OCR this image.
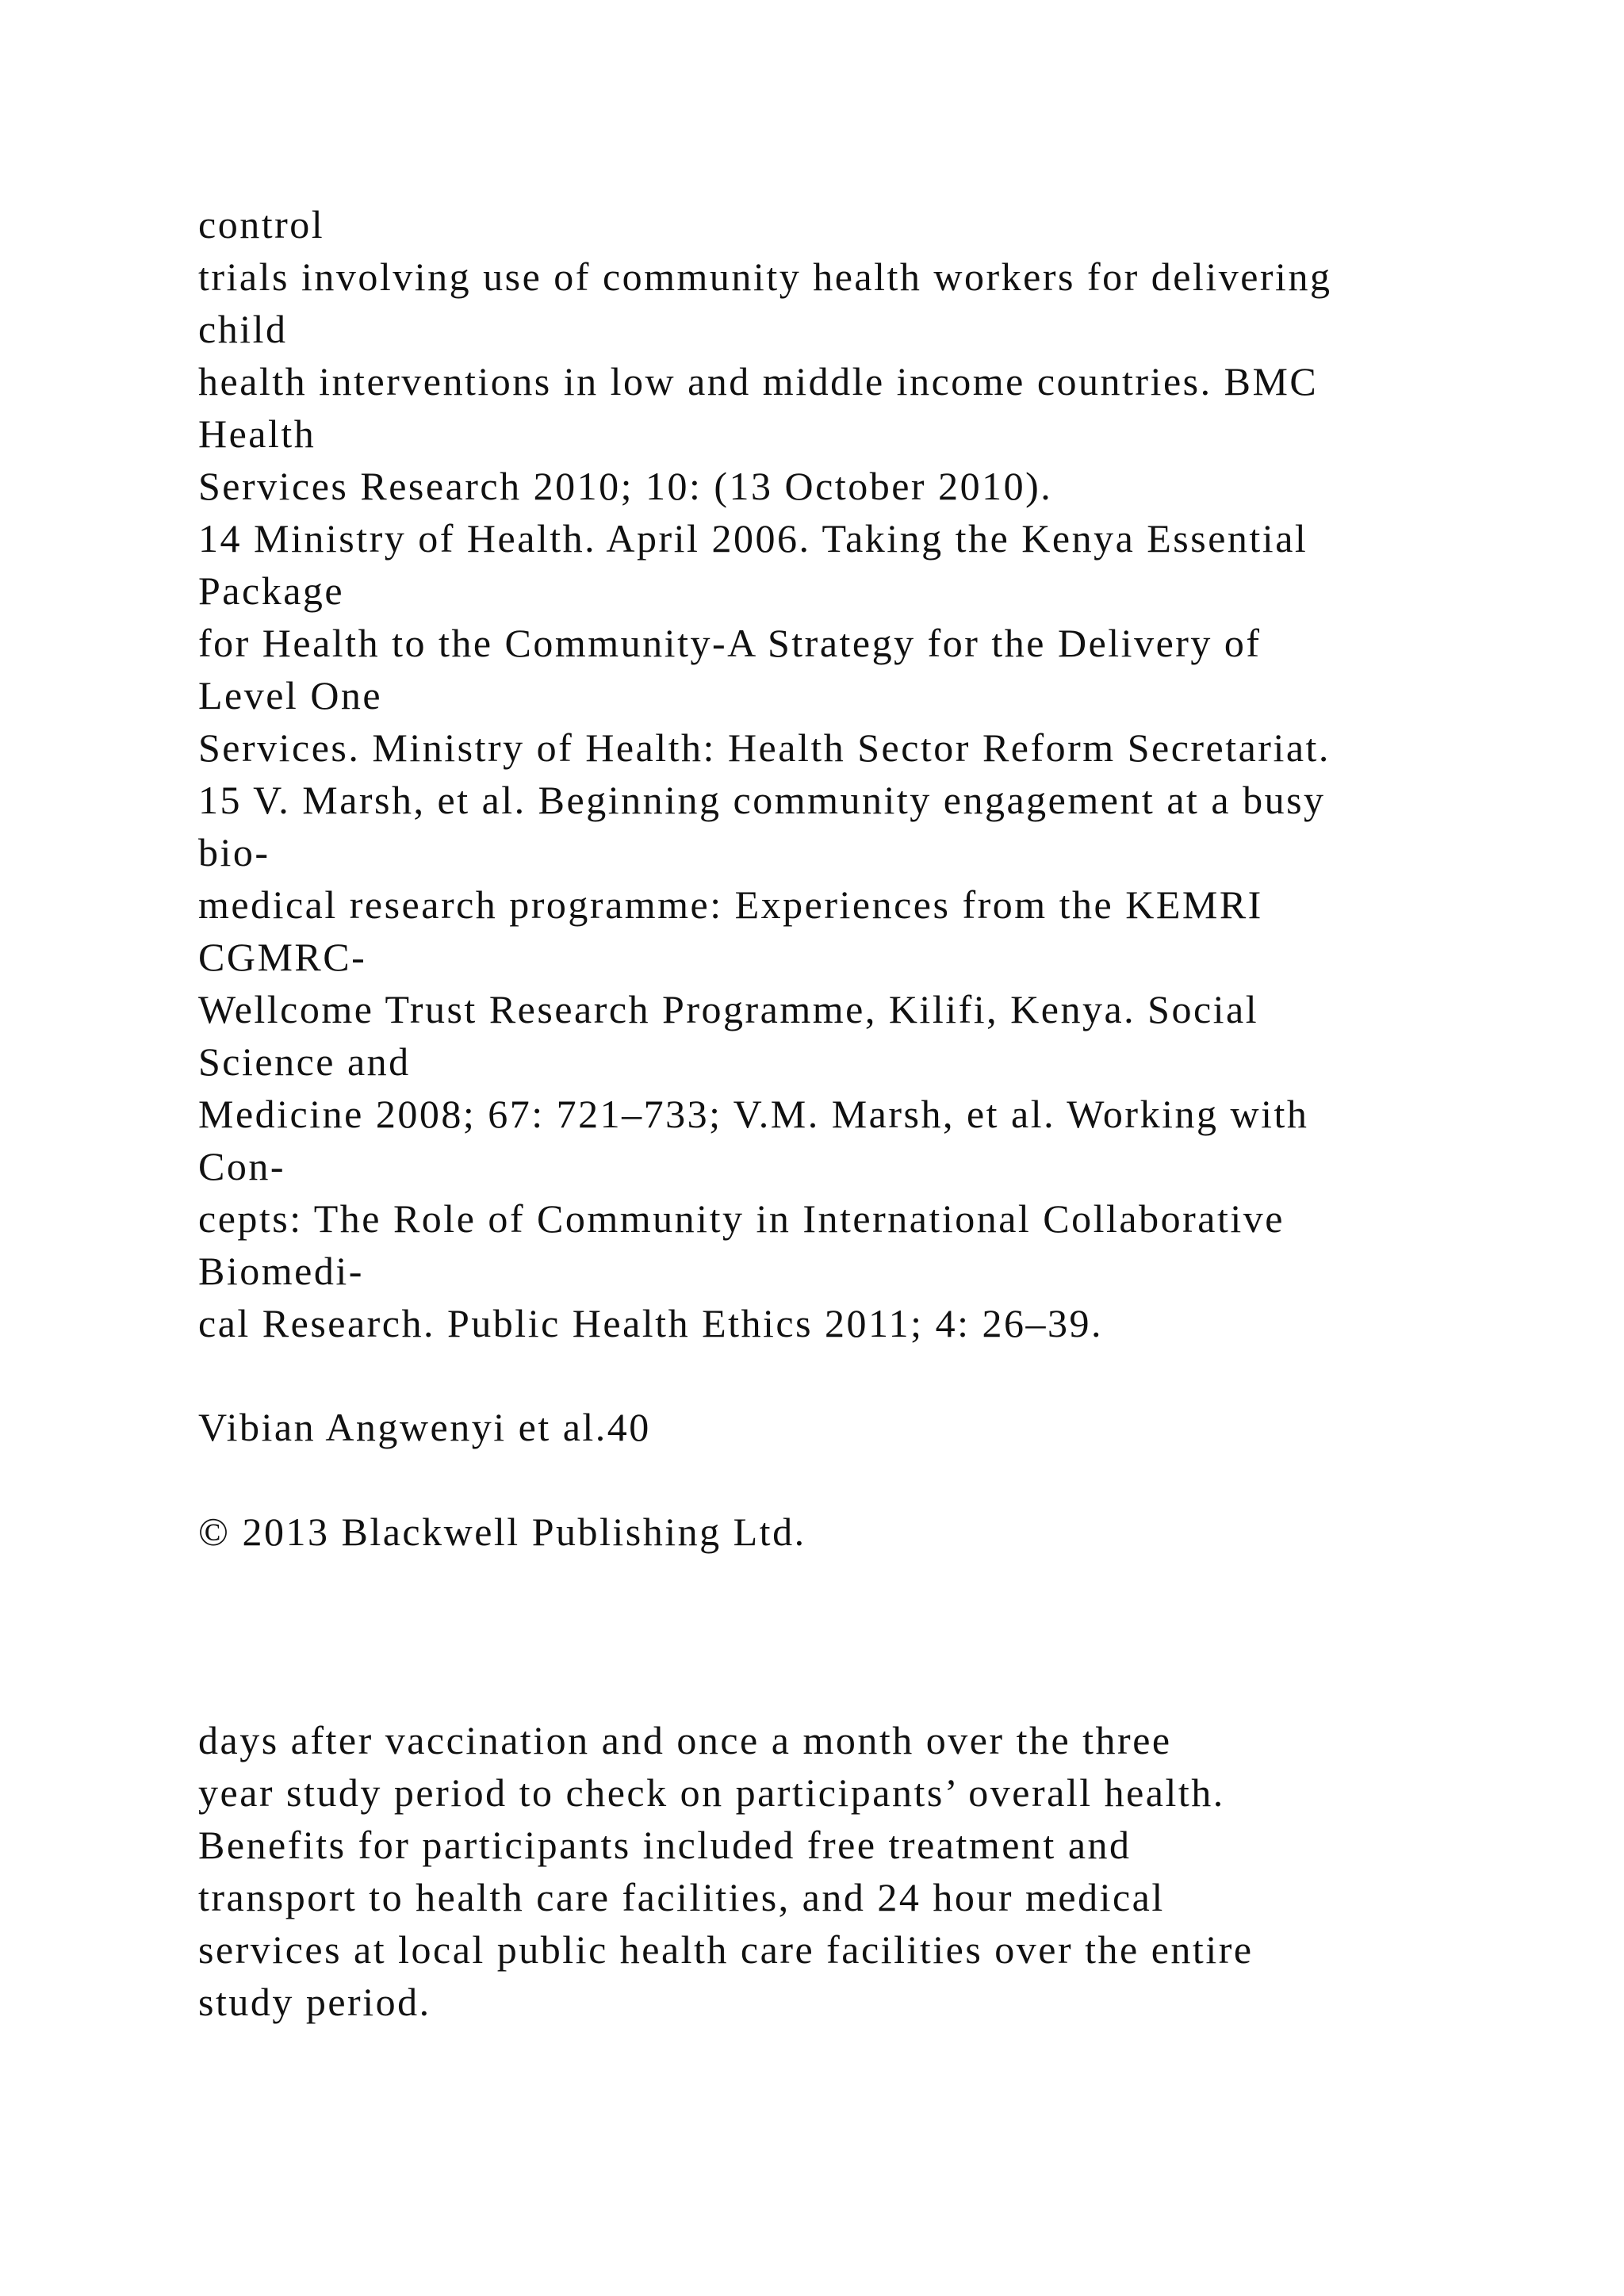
control

trials involving use of community health workers for delivering

child

health interventions in low and middle income countries. BMC

Health

Services Research 2010; 10: (13 October 2010).

14 Ministry of Health. April 2006. Taking the Kenya Essential

Package

for Health to the Community-A Strategy for the Delivery of

Level One

Services. Ministry of Health: Health Sector Reform Secretariat.

15 V. Marsh, et al. Beginning community engagement at a busy

bio-

medical research programme: Experiences from the KEMRI

CGMRC-

Wellcome Trust Research Programme, Kilifi, Kenya. Social

Science and

Medicine 2008; 67: 721–733; V.M. Marsh, et al. Working with

Con-

cepts: The Role of Community in International Collaborative

Biomedi-

cal Research. Public Health Ethics 2011; 4: 26–39.

Vibian Angwenyi et al.40

© 2013 Blackwell Publishing Ltd.

days after vaccination and once a month over the three

year study period to check on participants’ overall health.

Benefits for participants included free treatment and

transport to health care facilities, and 24 hour medical

services at local public health care facilities over the entire

study period.
